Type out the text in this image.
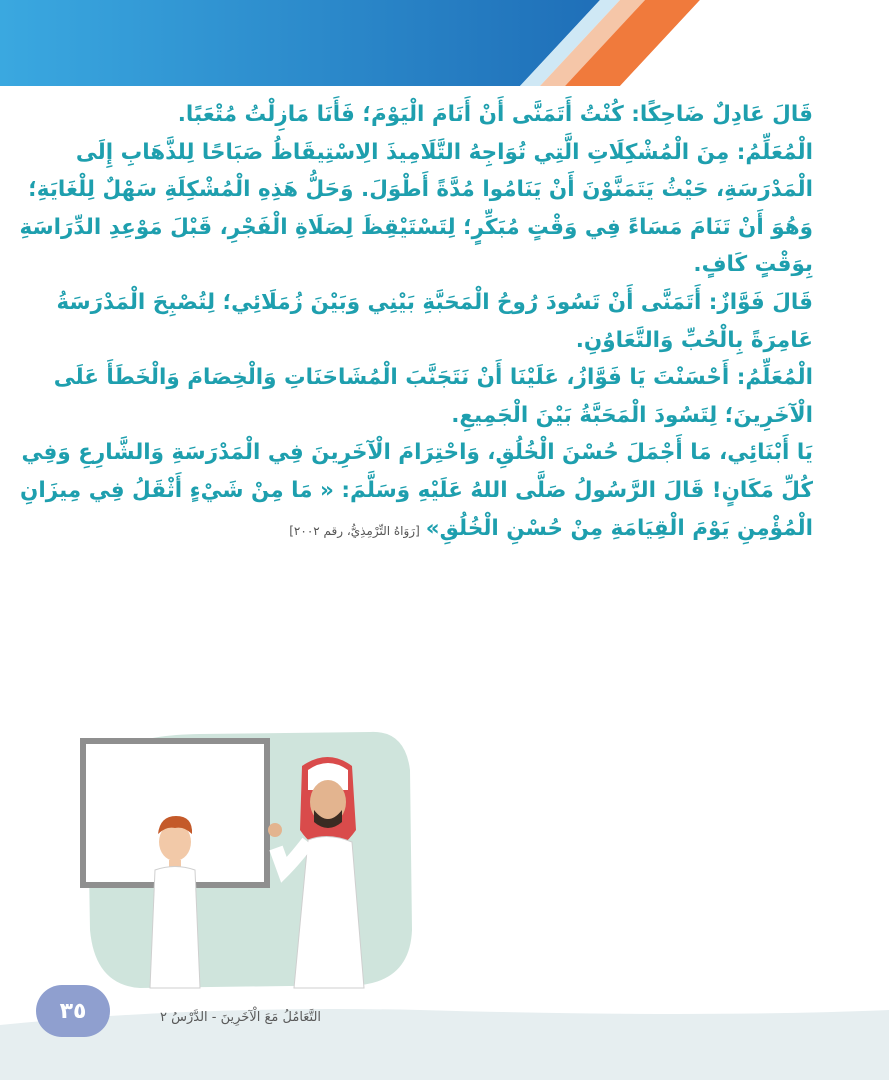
قَالَ عَادِلٌ ضَاحِكًا: كُنْتُ أَتَمَنَّى أَنْ أَنَامَ الْيَوْمَ؛ فَأَنَا مَازِلْتُ مُتْعَبًا.
الْمُعَلِّمُ: مِنَ الْمُشْكِلَاتِ الَّتِي تُوَاجِهُ التَّلَامِيذَ الِاسْتِيقَاظُ صَبَاحًا لِلذَّهَابِ إِلَى
الْمَدْرَسَةِ، حَيْثُ يَتَمَنَّوْنَ أَنْ يَنَامُوا مُدَّةً أَطْوَلَ. وَحَلُّ هَذِهِ الْمُشْكِلَةِ سَهْلٌ لِلْغَايَةِ؛
وَهُوَ أَنْ تَنَامَ مَسَاءً فِي وَقْتٍ مُبَكِّرٍ؛ لِتَسْتَيْقِظَ لِصَلَاةِ الْفَجْرِ، قَبْلَ مَوْعِدِ الدِّرَاسَةِ
بِوَقْتٍ كَافٍ.
قَالَ فَوَّازٌ: أَتَمَنَّى أَنْ تَسُودَ رُوحُ الْمَحَبَّةِ بَيْنِي وَبَيْنَ زُمَلَائِي؛ لِتُصْبِحَ الْمَدْرَسَةُ
عَامِرَةً بِالْحُبِّ وَالتَّعَاوُنِ.
الْمُعَلِّمُ: أَحْسَنْتَ يَا فَوَّازُ، عَلَيْنَا أَنْ نَتَجَنَّبَ الْمُشَاحَنَاتِ وَالْخِصَامَ وَالْخَطَأَ عَلَى
الْآخَرِينَ؛ لِتَسُودَ الْمَحَبَّةُ بَيْنَ الْجَمِيعِ.
يَا أَبْنَائِي، مَا أَجْمَلَ حُسْنَ الْخُلُقِ، وَاحْتِرَامَ الْآخَرِينَ فِي الْمَدْرَسَةِ وَالشَّارِعِ وَفِي
كُلِّ مَكَانٍ! قَالَ الرَّسُولُ صَلَّى اللهُ عَلَيْهِ وَسَلَّمَ: « مَا مِنْ شَيْءٍ أَثْقَلُ فِي مِيزَانِ
الْمُؤْمِنِ يَوْمَ الْقِيَامَةِ مِنْ حُسْنِ الْخُلُقِ»[رَوَاهُ التِّرْمِذِيُّ، رقم ٢٠٠٢]
٣٥	التَّعَامُلُ مَعَ الْآخَرِينَ - الدَّرْسُ ٢
